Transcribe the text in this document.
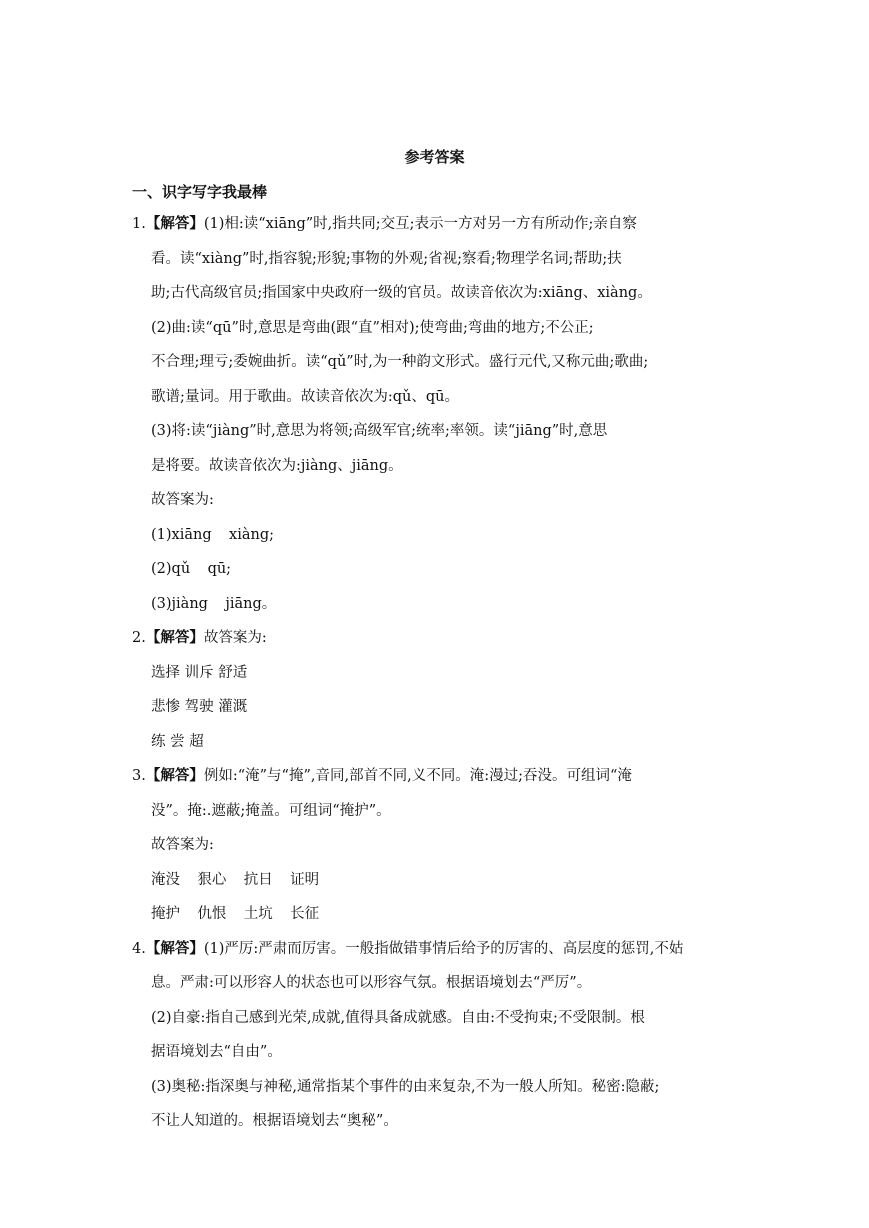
参考答案
一、识字写字我最棒
1.【解答】(1)相:读“xiāng”时,指共同;交互;表示一方对另一方有所动作;亲自察
看。读“xiàng”时,指容貌;形貌;事物的外观;省视;察看;物理学名词;帮助;扶
助;古代高级官员;指国家中央政府一级的官员。故读音依次为:xiāng、xiàng。
(2)曲:读“qū”时,意思是弯曲(跟“直”相对);使弯曲;弯曲的地方;不公正;
不合理;理亏;委婉曲折。读“qǔ”时,为一种韵文形式。盛行元代,又称元曲;歌曲;
歌谱;量词。用于歌曲。故读音依次为:qǔ、qū。
(3)将:读“jiàng”时,意思为将领;高级军官;统率;率领。读“jiāng”时,意思
是将要。故读音依次为:jiàng、jiāng。
故答案为:
(1)xiāng xiàng;
(2)qǔ qū;
(3)jiàng jiāng。
2.【解答】故答案为:
选择 训斥 舒适
悲惨 驾驶 灌溉
练 尝 超
3.【解答】例如:“淹”与“掩”,音同,部首不同,义不同。淹:漫过;吞没。可组词“淹
没”。掩:.遮蔽;掩盖。可组词“掩护”。
故答案为:
淹没 狠心 抗日 证明
掩护 仇恨 土坑 长征
4.【解答】(1)严厉:严肃而厉害。一般指做错事情后给予的厉害的、高层度的惩罚,不姑
息。严肃:可以形容人的状态也可以形容气氛。根据语境划去“严厉”。
(2)自豪:指自己感到光荣,成就,值得具备成就感。自由:不受拘束;不受限制。根
据语境划去“自由”。
(3)奥秘:指深奥与神秘,通常指某个事件的由来复杂,不为一般人所知。秘密:隐蔽;
不让人知道的。根据语境划去“奥秘”。
